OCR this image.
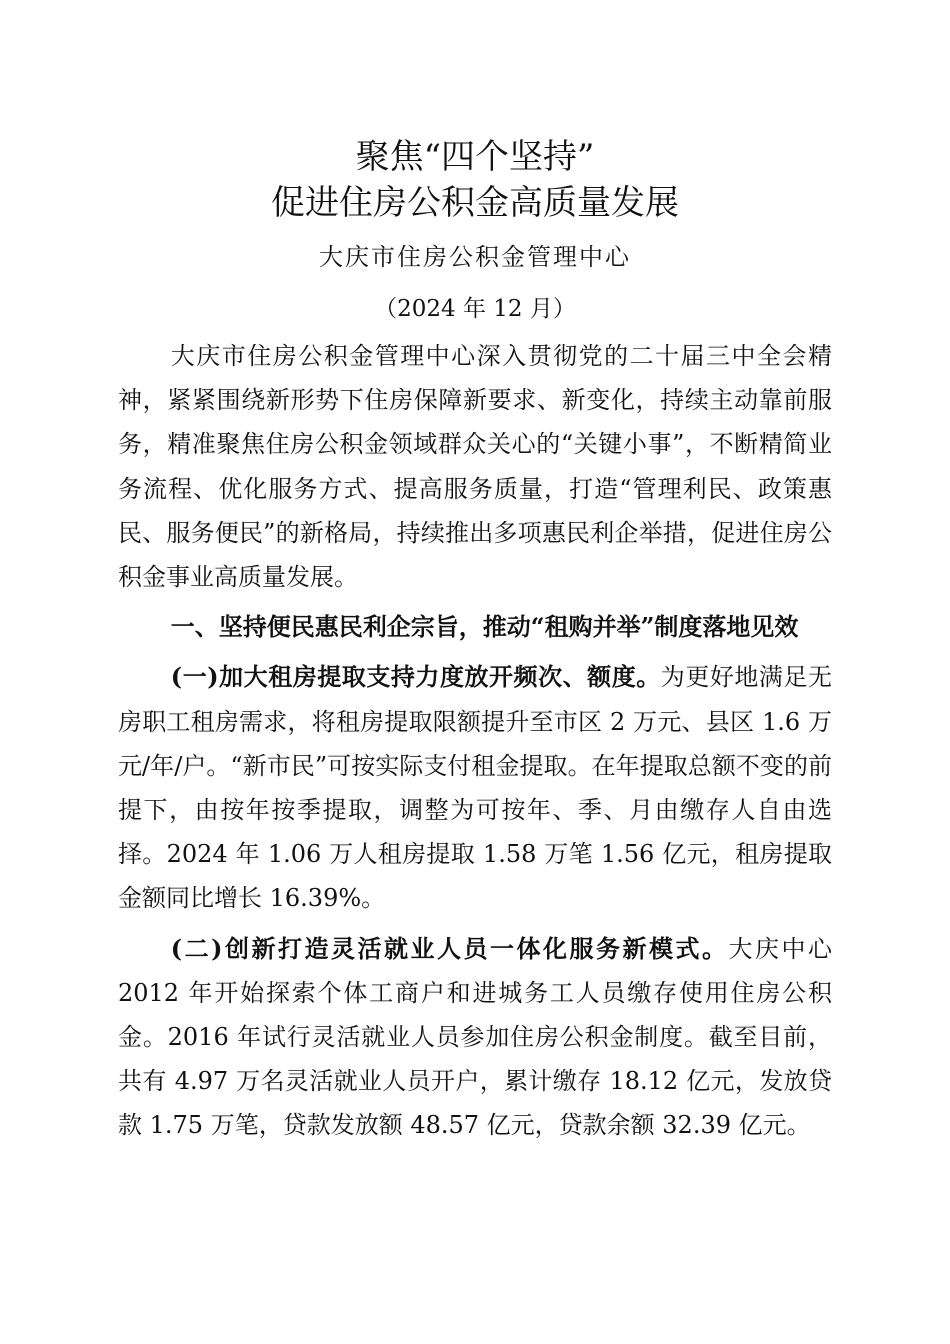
聚焦“四个坚持”
促进住房公积金高质量发展

大庆市住房公积金管理中心

（2024 年 12 月）

大庆市住房公积金管理中心深入贯彻党的二十届三中全会精神，紧紧围绕新形势下住房保障新要求、新变化，持续主动靠前服务，精准聚焦住房公积金领域群众关心的“关键小事”，不断精简业务流程、优化服务方式、提高服务质量，打造“管理利民、政策惠民、服务便民”的新格局，持续推出多项惠民利企举措，促进住房公积金事业高质量发展。

一、坚持便民惠民利企宗旨，推动“租购并举”制度落地见效

(一)加大租房提取支持力度放开频次、额度。为更好地满足无房职工租房需求，将租房提取限额提升至市区 2 万元、县区 1.6 万元/年/户。“新市民”可按实际支付租金提取。在年提取总额不变的前提下，由按年按季提取，调整为可按年、季、月由缴存人自由选择。2024 年 1.06 万人租房提取 1.58 万笔 1.56 亿元，租房提取金额同比增长 16.39%。

(二)创新打造灵活就业人员一体化服务新模式。大庆中心 2012 年开始探索个体工商户和进城务工人员缴存使用住房公积金。2016 年试行灵活就业人员参加住房公积金制度。截至目前，共有 4.97 万名灵活就业人员开户，累计缴存 18.12 亿元，发放贷款 1.75 万笔，贷款发放额 48.57 亿元，贷款余额 32.39 亿元。
